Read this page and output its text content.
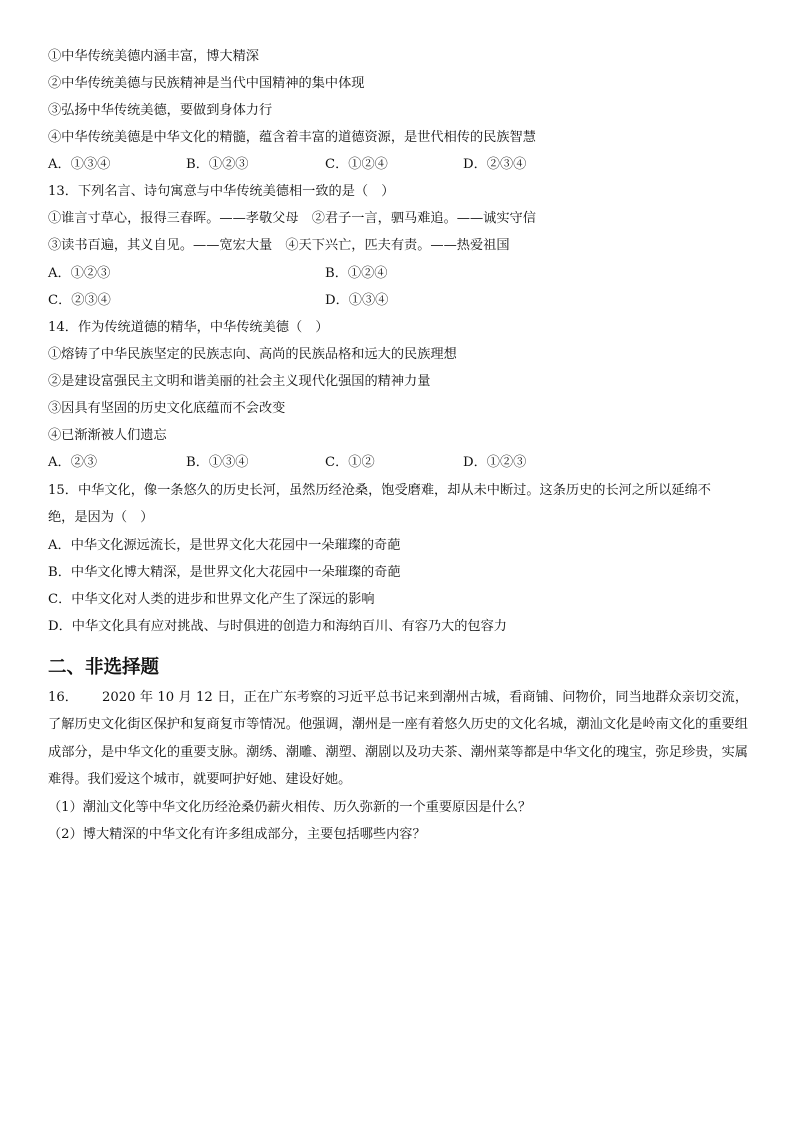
①中华传统美德内涵丰富，博大精深
②中华传统美德与民族精神是当代中国精神的集中体现
③弘扬中华传统美德，要做到身体力行
④中华传统美德是中华文化的精髓，蕴含着丰富的道德资源，是世代相传的民族智慧
A．①③④	B．①②③	C．①②④	D．②③④
13．下列名言、诗句寓意与中华传统美德相一致的是（　）
①谁言寸草心，报得三春晖。——孝敬父母　②君子一言，驷马难追。——诚实守信
③读书百遍，其义自见。——宽宏大量　④天下兴亡，匹夫有责。——热爱祖国
A．①②③	B．①②④
C．②③④	D．①③④
14．作为传统道德的精华，中华传统美德（　）
①熔铸了中华民族坚定的民族志向、高尚的民族品格和远大的民族理想
②是建设富强民主文明和谐美丽的社会主义现代化强国的精神力量
③因具有坚固的历史文化底蕴而不会改变
④已渐渐被人们遗忘
A．②③	B．①③④	C．①②	D．①②③
15．中华文化，像一条悠久的历史长河，虽然历经沧桑，饱受磨难，却从未中断过。这条历史的长河之所以延绵不
绝，是因为（　）
A．中华文化源远流长，是世界文化大花园中一朵璀璨的奇葩
B．中华文化博大精深，是世界文化大花园中一朵璀璨的奇葩
C．中华文化对人类的进步和世界文化产生了深远的影响
D．中华文化具有应对挑战、与时俱进的创造力和海纳百川、有容乃大的包容力
二、非选择题
16． 2020 年 10 月 12 日，正在广东考察的习近平总书记来到潮州古城，看商铺、问物价，同当地群众亲切交流，了解历史文化街区保护和复商复市等情况。他强调，潮州是一座有着悠久历史的文化名城，潮汕文化是岭南文化的重要组成部分，是中华文化的重要支脉。潮绣、潮雕、潮塑、潮剧以及功夫茶、潮州菜等都是中华文化的瑰宝，弥足珍贵，实属难得。我们爱这个城市，就要呵护好她、建设好她。
（1）潮汕文化等中华文化历经沧桑仍薪火相传、历久弥新的一个重要原因是什么？
（2）博大精深的中华文化有许多组成部分，主要包括哪些内容？
